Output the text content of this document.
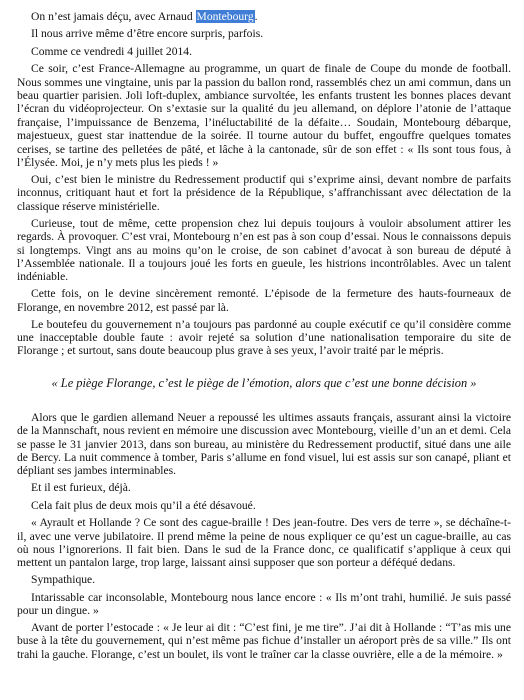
On n’est jamais déçu, avec Arnaud Montebourg.

Il nous arrive même d’être encore surpris, parfois.

Comme ce vendredi 4 juillet 2014.

Ce soir, c’est France-Allemagne au programme, un quart de finale de Coupe du monde de football. Nous sommes une vingtaine, unis par la passion du ballon rond, rassemblés chez un ami commun, dans un beau quartier parisien. Joli loft-duplex, ambiance survoltée, les enfants trustent les bonnes places devant l’écran du vidéoprojecteur. On s’extasie sur la qualité du jeu allemand, on déplore l’atonie de l’attaque française, l’impuissance de Benzema, l’inéluctabilité de la défaite… Soudain, Montebourg débarque, majestueux, guest star inattendue de la soirée. Il tourne autour du buffet, engouffre quelques tomates cerises, se tartine des pelletées de pâté, et lâche à la cantonade, sûr de son effet : « Ils sont tous fous, à l’Élysée. Moi, je n’y mets plus les pieds ! »

Oui, c’est bien le ministre du Redressement productif qui s’exprime ainsi, devant nombre de parfaits inconnus, critiquant haut et fort la présidence de la République, s’affranchissant avec délectation de la classique réserve ministérielle.

Curieuse, tout de même, cette propension chez lui depuis toujours à vouloir absolument attirer les regards. À provoquer. C’est vrai, Montebourg n’en est pas à son coup d’essai. Nous le connaissons depuis si longtemps. Vingt ans au moins qu’on le croise, de son cabinet d’avocat à son bureau de député à l’Assemblée nationale. Il a toujours joué les forts en gueule, les histrions incontrôlables. Avec un talent indéniable.

Cette fois, on le devine sincèrement remonté. L’épisode de la fermeture des hauts-fourneaux de Florange, en novembre 2012, est passé par là.

Le boutefeu du gouvernement n’a toujours pas pardonné au couple exécutif ce qu’il considère comme une inacceptable double faute : avoir rejeté sa solution d’une nationalisation temporaire du site de Florange ; et surtout, sans doute beaucoup plus grave à ses yeux, l’avoir traité par le mépris.

« Le piège Florange, c’est le piège de l’émotion, alors que c’est une bonne décision »

Alors que le gardien allemand Neuer a repoussé les ultimes assauts français, assurant ainsi la victoire de la Mannschaft, nous revient en mémoire une discussion avec Montebourg, vieille d’un an et demi. Cela se passe le 31 janvier 2013, dans son bureau, au ministère du Redressement productif, situé dans une aile de Bercy. La nuit commence à tomber, Paris s’allume en fond visuel, lui est assis sur son canapé, pliant et dépliant ses jambes interminables.

Et il est furieux, déjà.

Cela fait plus de deux mois qu’il a été désavoué.

« Ayrault et Hollande ? Ce sont des cague-braille ! Des jean-foutre. Des vers de terre », se déchaîne-t-il, avec une verve jubilatoire. Il prend même la peine de nous expliquer ce qu’est un cague-braille, au cas où nous l’ignorerions. Il fait bien. Dans le sud de la France donc, ce qualificatif s’applique à ceux qui mettent un pantalon large, trop large, laissant ainsi supposer que son porteur a déféqué dedans.

Sympathique.

Intarissable car inconsolable, Montebourg nous lance encore : « Ils m’ont trahi, humilié. Je suis passé pour un dingue. »

Avant de porter l’estocade : « Je leur ai dit : “C’est fini, je me tire”. J’ai dit à Hollande : “T’as mis une buse à la tête du gouvernement, qui n’est même pas fichue d’installer un aéroport près de sa ville.” Ils ont trahi la gauche. Florange, c’est un boulet, ils vont le traîner car la classe ouvrière, elle a de la mémoire. »
